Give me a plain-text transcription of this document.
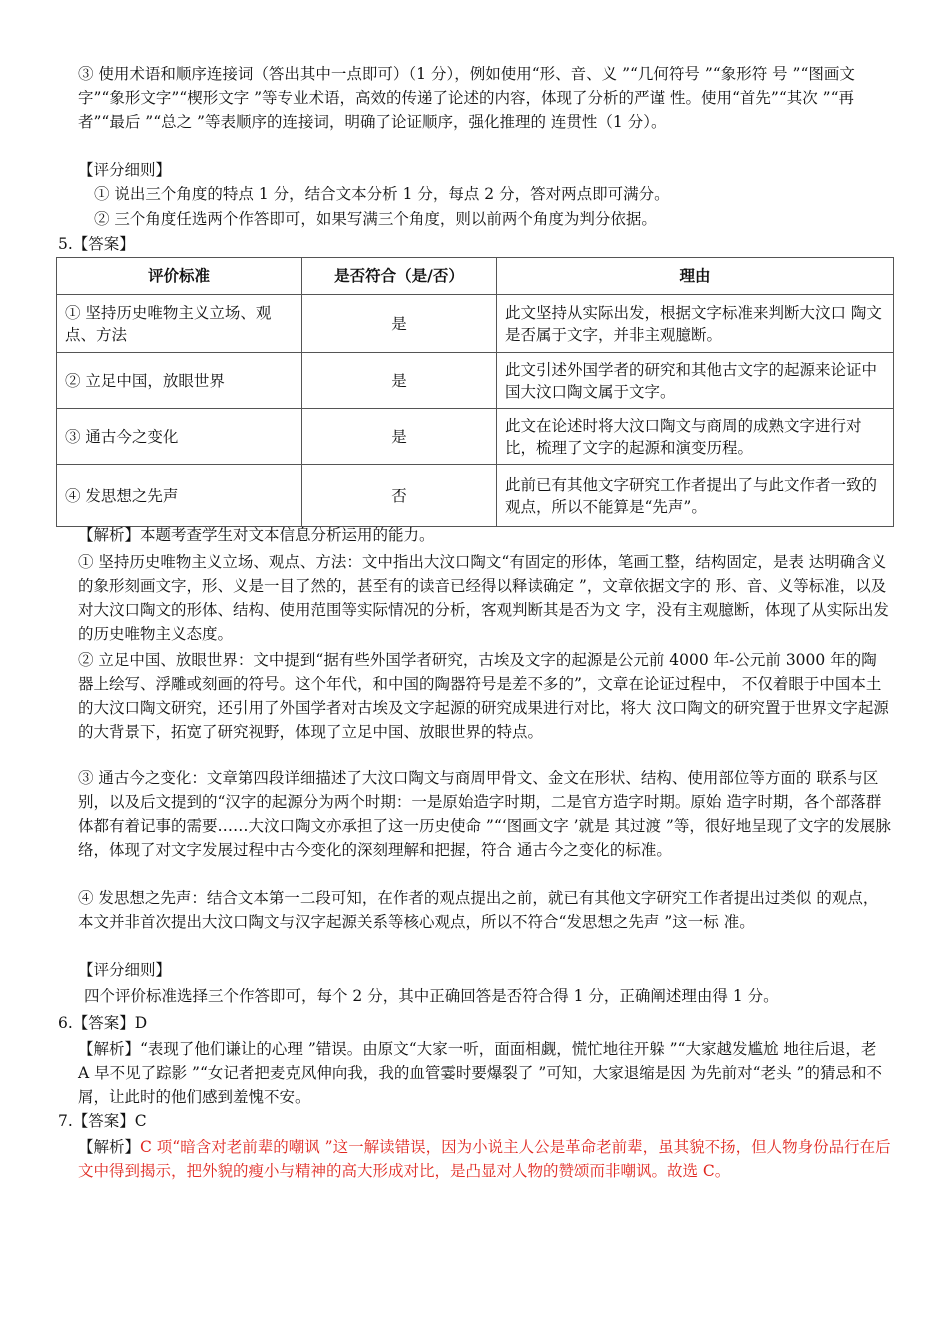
③ 使用术语和顺序连接词（答出其中一点即可）（1 分），例如使用“形、音、义 ”“几何符号 ”“象形符 号 ”“图画文字”“象形文字”“楔形文字 ”等专业术语，高效的传递了论述的内容，体现了分析的严谨 性。使用“首先”“其次 ”“再者”“最后 ”“总之 ”等表顺序的连接词，明确了论证顺序，强化推理的 连贯性（1 分）。

【评分细则】

① 说出三个角度的特点 1 分，结合文本分析 1 分，每点 2 分，答对两点即可满分。

② 三个角度任选两个作答即可，如果写满三个角度，则以前两个角度为判分依据。

5.【答案】

评价标准	是否符合（是/否）	理由
① 坚持历史唯物主义立场、观 点、方法	是	此文坚持从实际出发，根据文字标准来判断大汶口 陶文是否属于文字，并非主观臆断。
② 立足中国，放眼世界	是	此文引述外国学者的研究和其他古文字的起源来论证中国大汶口陶文属于文字。
③ 通古今之变化	是	此文在论述时将大汶口陶文与商周的成熟文字进行对比，梳理了文字的起源和演变历程。
④ 发思想之先声	否	此前已有其他文字研究工作者提出了与此文作者一致的观点，所以不能算是“先声”。

【解析】本题考查学生对文本信息分析运用的能力。

① 坚持历史唯物主义立场、观点、方法：文中指出大汶口陶文“有固定的形体，笔画工整，结构固定，是表 达明确含义的象形刻画文字，形、义是一目了然的，甚至有的读音已经得以释读确定 ”，文章依据文字的 形、音、义等标准，以及对大汶口陶文的形体、结构、使用范围等实际情况的分析，客观判断其是否为文 字，没有主观臆断，体现了从实际出发的历史唯物主义态度。

② 立足中国、放眼世界：文中提到“据有些外国学者研究，古埃及文字的起源是公元前 4000 年-公元前 3000 年的陶器上绘写、浮雕或刻画的符号。这个年代，和中国的陶器符号是差不多的”，文章在论证过程中， 不仅着眼于中国本土的大汶口陶文研究，还引用了外国学者对古埃及文字起源的研究成果进行对比，将大 汶口陶文的研究置于世界文字起源的大背景下，拓宽了研究视野，体现了立足中国、放眼世界的特点。

③ 通古今之变化：文章第四段详细描述了大汶口陶文与商周甲骨文、金文在形状、结构、使用部位等方面的 联系与区别，以及后文提到的“汉字的起源分为两个时期：一是原始造字时期，二是官方造字时期。原始 造字时期，各个部落群体都有着记事的需要……大汶口陶文亦承担了这一历史使命 ”“‘图画文字 ’就是 其过渡 ”等，很好地呈现了文字的发展脉络，体现了对文字发展过程中古今变化的深刻理解和把握，符合 通古今之变化的标准。

④ 发思想之先声：结合文本第一二段可知，在作者的观点提出之前，就已有其他文字研究工作者提出过类似 的观点，本文并非首次提出大汶口陶文与汉字起源关系等核心观点，所以不符合“发思想之先声 ”这一标 准。

【评分细则】

四个评价标准选择三个作答即可，每个 2 分，其中正确回答是否符合得 1 分，正确阐述理由得 1 分。

6.【答案】D

【解析】“表现了他们谦让的心理 ”错误。由原文“大家一听，面面相觑，慌忙地往开躲 ”“大家越发尴尬 地往后退，老 A 早不见了踪影 ”“女记者把麦克风伸向我，我的血管霎时要爆裂了 ”可知，大家退缩是因 为先前对“老头 ”的猜忌和不屑，让此时的他们感到羞愧不安。

7.【答案】C

【解析】C 项“暗含对老前辈的嘲讽 ”这一解读错误，因为小说主人公是革命老前辈，虽其貌不扬，但人物身份品行在后文中得到揭示，把外貌的瘦小与精神的高大形成对比，是凸显对人物的赞颂而非嘲讽。故选 C。
